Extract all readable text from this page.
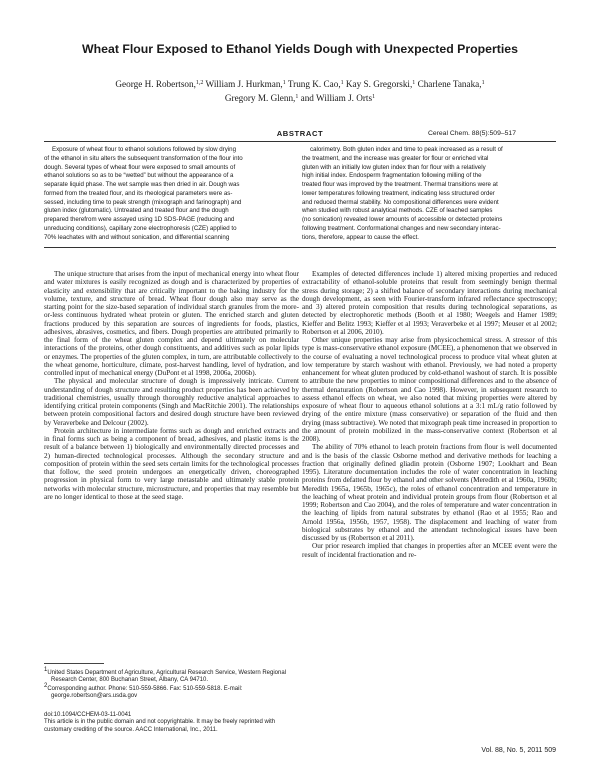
Wheat Flour Exposed to Ethanol Yields Dough with Unexpected Properties
George H. Robertson,$^{1,2}$ William J. Hurkman,$^1$ Trung K. Cao,$^1$ Kay S. Gregorski,$^1$ Charlene Tanaka,$^1$
Gregory M. Glenn,$^1$ and William J. Orts$^1$
ABSTRACT	Cereal Chem. 88(5):509–517
Exposure of wheat flour to ethanol solutions followed by slow drying
of the ethanol in situ alters the subsequent transformation of the flour into
dough. Several types of wheat flour were exposed to small amounts of
ethanol solutions so as to be “wetted” but without the appearance of a
separate liquid phase. The wet sample was then dried in air. Dough was
formed from the treated flour, and its rheological parameters were as-
sessed, including time to peak strength (mixograph and farinograph) and
gluten index (glutomatic). Untreated and treated flour and the dough
prepared therefrom were assayed using 1D SDS-PAGE (reducing and
unreducing conditions), capillary zone electrophoresis (CZE) applied to
70% leachates with and without sonication, and differential scanning
calorimetry. Both gluten index and time to peak increased as a result of
the treatment, and the increase was greater for flour or enriched vital
gluten with an initially low gluten index than for flour with a relatively
high initial index. Endosperm fragmentation following milling of the
treated flour was improved by the treatment. Thermal transitions were at
lower temperatures following treatment, indicating less structured order
and reduced thermal stability. No compositional differences were evident
when studied with robust analytical methods. CZE of leached samples
(no sonication) revealed lower amounts of accessible or detected proteins
following treatment. Conformational changes and new secondary interac-
tions, therefore, appear to cause the effect.

The unique structure that arises from the input of mechanical energy into wheat flour and water mixtures is easily recognized as dough and is characterized by properties of elasticity and extensibility that are critically important to the baking industry for the volume, texture, and structure of bread. Wheat flour dough also may serve as the starting point for the size-based separation of individual starch granules from the more-or-less continuous hydrated wheat protein or gluten. The enriched starch and gluten fractions produced by this separation are sources of ingredients for foods, plastics, adhesives, abrasives, cosmetics, and fibers. Dough properties are attributed primarily to the final form of the wheat gluten complex and depend ultimately on molecular interactions of the proteins, other dough constituents, and additives such as polar lipids or enzymes. The properties of the gluten complex, in turn, are attributable collectively to the wheat genome, horticulture, climate, post-harvest handling, level of hydration, and controlled input of mechanical energy (DuPont et al 1998, 2006a, 2006b).

The physical and molecular structure of dough is impressively intricate. Current understanding of dough structure and resulting product properties has been achieved by traditional chemistries, usually through thoroughly reductive analytical approaches to identifying critical protein components (Singh and MacRitchie 2001). The relationships between protein compositional factors and desired dough structure have been reviewed by Veraverbeke and Delcour (2002).

Protein architecture in intermediate forms such as dough and enriched extracts and in final forms such as being a component of bread, adhesives, and plastic items is the result of a balance between 1) biologically and environmentally directed processes and 2) human-directed technological processes. Although the secondary structure and composition of protein within the seed sets certain limits for the technological processes that follow, the seed protein undergoes an energetically driven, choreographed progression in physical form to very large metastable and ultimately stable protein networks with molecular structure, microstructure, and properties that may resemble but are no longer identical to those at the seed stage.

Examples of detected differences include 1) altered mixing properties and reduced extractability of ethanol-soluble proteins that result from seemingly benign thermal stress during storage; 2) a shifted balance of secondary interactions during mechanical dough development, as seen with Fourier-transform infrared reflectance spectroscopy; and 3) altered protein composition that results during technological separations, as detected by electrophoretic methods (Booth et al 1980; Weegels and Hamer 1989; Kieffer and Belitz 1993; Kieffer et al 1993; Veraverbeke et al 1997; Meuser et al 2002; Robertson et al 2006, 2010).

Other unique properties may arise from physicochemical stress. A stressor of this type is mass-conservative ethanol exposure (MCEE), a phenomenon that we observed in the course of evaluating a novel technological process to produce vital wheat gluten at low temperature by starch washout with ethanol. Previously, we had noted a property enhancement for wheat gluten produced by cold-ethanol washout of starch. It is possible to attribute the new properties to minor compositional differences and to the absence of thermal denaturation (Robertson and Cao 1998). However, in subsequent research to assess ethanol effects on wheat, we also noted that mixing properties were altered by exposure of wheat flour to aqueous ethanol solutions at a 3:1 mL/g ratio followed by drying of the entire mixture (mass conservative) or separation of the fluid and then drying (mass subtractive). We noted that mixograph peak time increased in proportion to the amount of protein mobilized in the mass-conservative context (Robertson et al 2008).

The ability of 70% ethanol to leach protein fractions from flour is well documented and is the basis of the classic Osborne method and derivative methods for leaching a fraction that originally defined gliadin protein (Osborne 1907; Lookhart and Bean 1995). Literature documentation includes the role of water concentration in leaching proteins from defatted flour by ethanol and other solvents (Meredith et al 1960a, 1960b; Meredith 1965a, 1965b, 1965c), the roles of ethanol concentration and temperature in the leaching of wheat protein and individual protein groups from flour (Robertson et al 1999; Robertson and Cao 2004), and the roles of temperature and water concentration in the leaching of lipids from natural substrates by ethanol (Rao et al 1955; Rao and Arnold 1956a, 1956b, 1957, 1958). The displacement and leaching of water from biological substrates by ethanol and the attendant technological issues have been discussed by us (Robertson et al 2011).

Our prior research implied that changes in properties after an MCEE event were the result of incidental fractionation and re-

$^1$United States Department of Agriculture, Agricultural Research Service, Western Regional Research Center, 800 Buchanan Street, Albany, CA 94710.

$^2$Corresponding author. Phone: 510-559-5866. Fax: 510-559-5818. E-mail: george.robertson@ars.usda.gov

doi:10.1094/CCHEM-03-11-0041
This article is in the public domain and not copyrightable. It may be freely reprinted with customary crediting of the source. AACC International, Inc., 2011.
Vol. 88, No. 5, 2011 509
